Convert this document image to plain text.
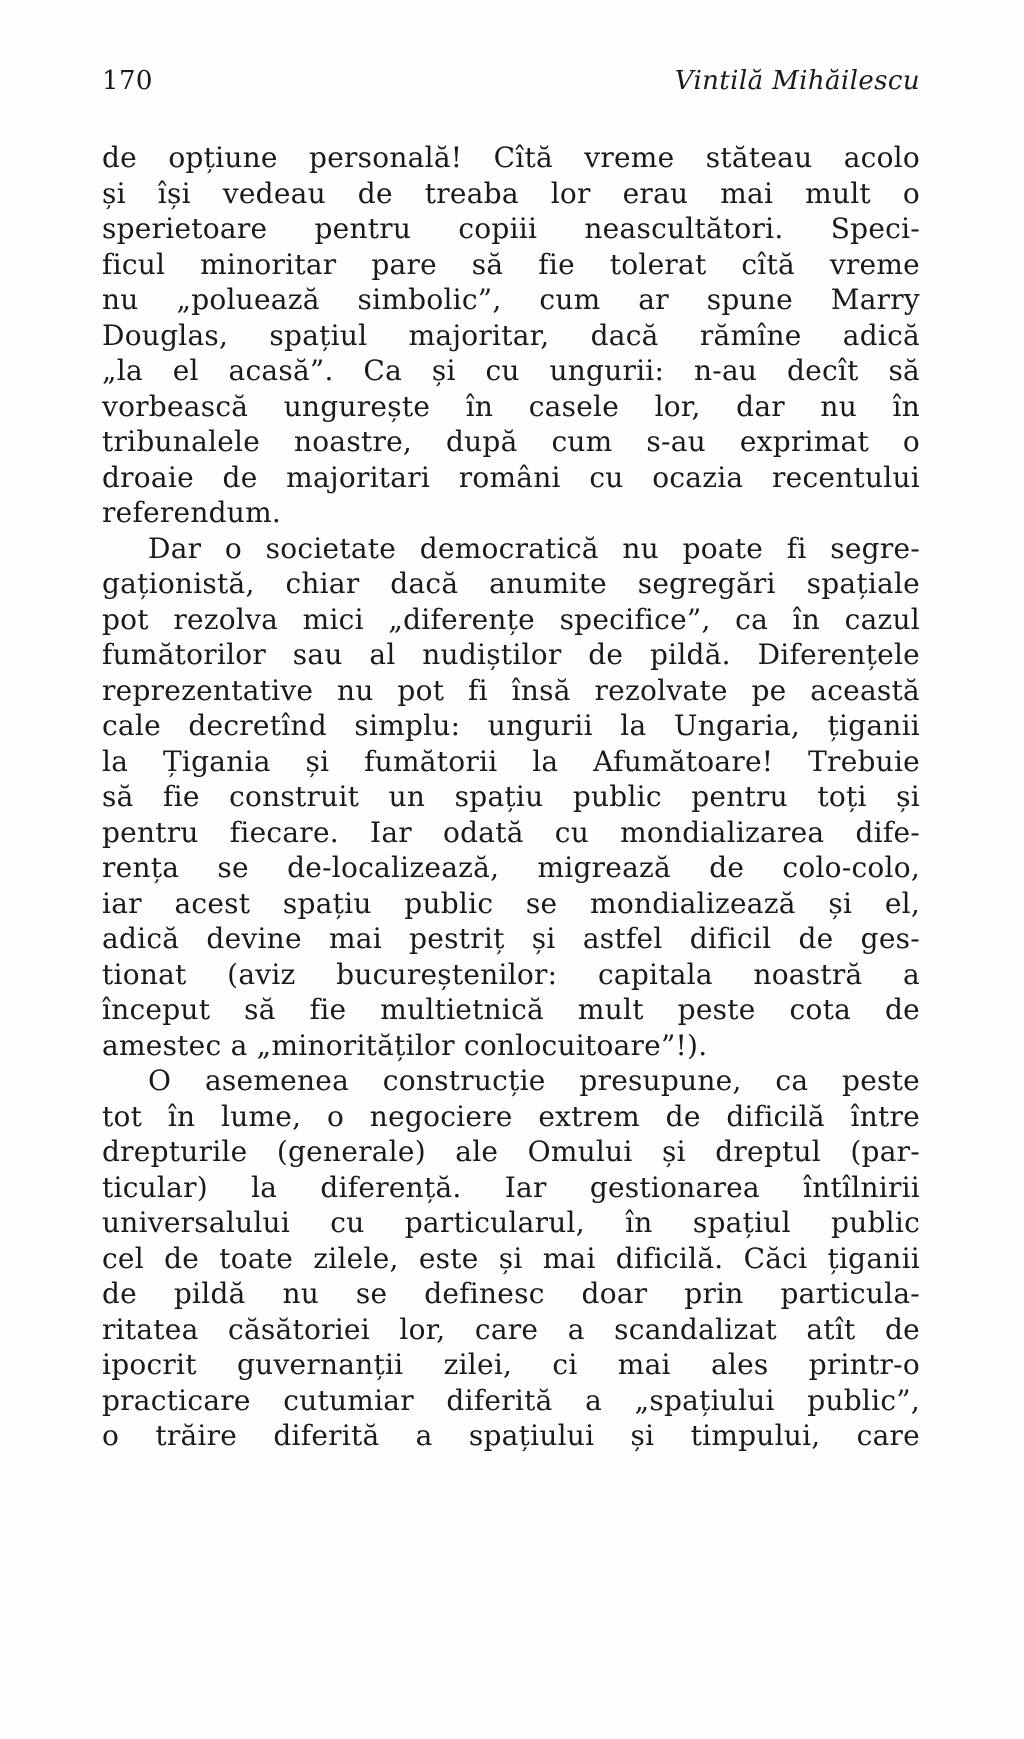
170	Vintilă Mihăilescu
de opțiune personală! Cîtă vreme stăteau acolo
și își vedeau de treaba lor erau mai mult o
sperietoare pentru copiii neascultători. Speci-
ficul minoritar pare să fie tolerat cîtă vreme
nu „poluează simbolic”, cum ar spune Marry
Douglas, spațiul majoritar, dacă rămîne adică
„la el acasă”. Ca și cu ungurii: n-au decît să
vorbească ungurește în casele lor, dar nu în
tribunalele noastre, după cum s-au exprimat o
droaie de majoritari români cu ocazia recentului
referendum.
Dar o societate democratică nu poate fi segre-
gaționistă, chiar dacă anumite segregări spațiale
pot rezolva mici „diferențe specifice”, ca în cazul
fumătorilor sau al nudiștilor de pildă. Diferențele
reprezentative nu pot fi însă rezolvate pe această
cale decretînd simplu: ungurii la Ungaria, țiganii
la Țigania și fumătorii la Afumătoare! Trebuie
să fie construit un spațiu public pentru toți și
pentru fiecare. Iar odată cu mondializarea dife-
rența se de-localizează, migrează de colo-colo,
iar acest spațiu public se mondializează și el,
adică devine mai pestriț și astfel dificil de ges-
tionat (aviz bucureștenilor: capitala noastră a
început să fie multietnică mult peste cota de
amestec a „minorităților conlocuitoare”!).
O asemenea construcție presupune, ca peste
tot în lume, o negociere extrem de dificilă între
drepturile (generale) ale Omului și dreptul (par-
ticular) la diferență. Iar gestionarea întîlnirii
universalului cu particularul, în spațiul public
cel de toate zilele, este și mai dificilă. Căci țiganii
de pildă nu se definesc doar prin particula-
ritatea căsătoriei lor, care a scandalizat atît de
ipocrit guvernanții zilei, ci mai ales printr-o
practicare cutumiar diferită a „spațiului public”,
o trăire diferită a spațiului și timpului, care
